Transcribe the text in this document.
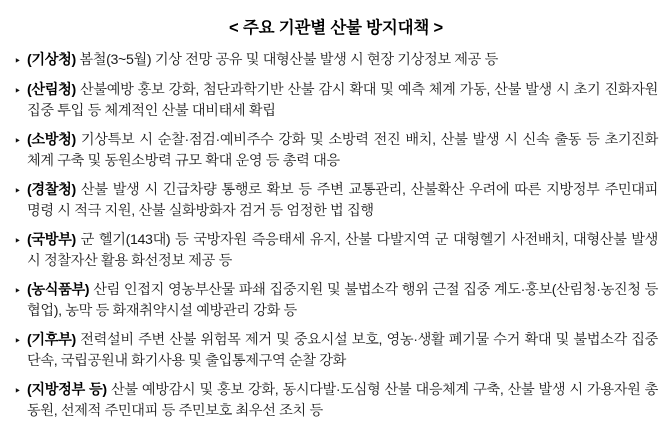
< 주요 기관별 산불 방지대책 >
‣ (기상청) 봄철(3~5월) 기상 전망 공유 및 대형산불 발생 시 현장 기상정보 제공 등
‣ (산림청) 산불예방 홍보 강화, 첨단과학기반 산불 감시 확대 및 예측 체계 가동, 산불 발생 시 초기 진화자원 집중 투입 등 체계적인 산불 대비태세 확립
‣ (소방청) 기상특보 시 순찰·점검·예비주수 강화 및 소방력 전진 배치, 산불 발생 시 신속 출동 등 초기진화 체계 구축 및 동원소방력 규모 확대 운영 등 총력 대응
‣ (경찰청) 산불 발생 시 긴급차량 통행로 확보 등 주변 교통관리, 산불확산 우려에 따른 지방정부 주민대피 명령 시 적극 지원, 산불 실화방화자 검거 등 엄정한 법 집행
‣ (국방부) 군 헬기(143대) 등 국방자원 즉응태세 유지, 산불 다발지역 군 대형헬기 사전배치, 대형산불 발생 시 정찰자산 활용 화선정보 제공 등
‣ (농식품부) 산림 인접지 영농부산물 파쇄 집중지원 및 불법소각 행위 근절 집중 계도·홍보(산림청·농진청 등 협업), 농막 등 화재취약시설 예방관리 강화 등
‣ (기후부) 전력설비 주변 산불 위험목 제거 및 중요시설 보호, 영농·생활 폐기물 수거 확대 및 불법소각 집중 단속, 국립공원내 화기사용 및 출입통제구역 순찰 강화
‣ (지방정부 등) 산불 예방감시 및 홍보 강화, 동시다발·도심형 산불 대응체계 구축, 산불 발생 시 가용자원 총 동원, 선제적 주민대피 등 주민보호 최우선 조치 등
